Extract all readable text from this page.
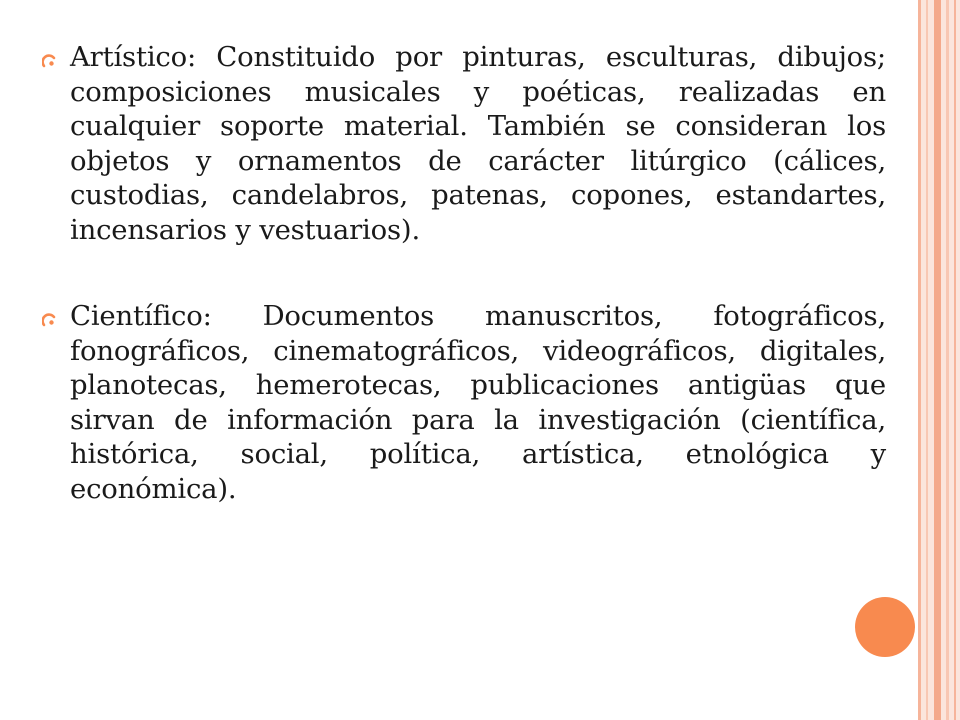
Artístico: Constituido por pinturas, esculturas, dibujos; composiciones musicales y poéticas, realizadas en cualquier soporte material. También se consideran los objetos y ornamentos de carácter litúrgico (cálices, custodias, candelabros, patenas, copones, estandartes, incensarios y vestuarios).

Científico: Documentos manuscritos, fotográficos, fonográficos, cinematográficos, videográficos, digitales, planotecas, hemerotecas, publicaciones antigüas que sirvan de información para la investigación (científica, histórica, social, política, artística, etnológica y económica).
